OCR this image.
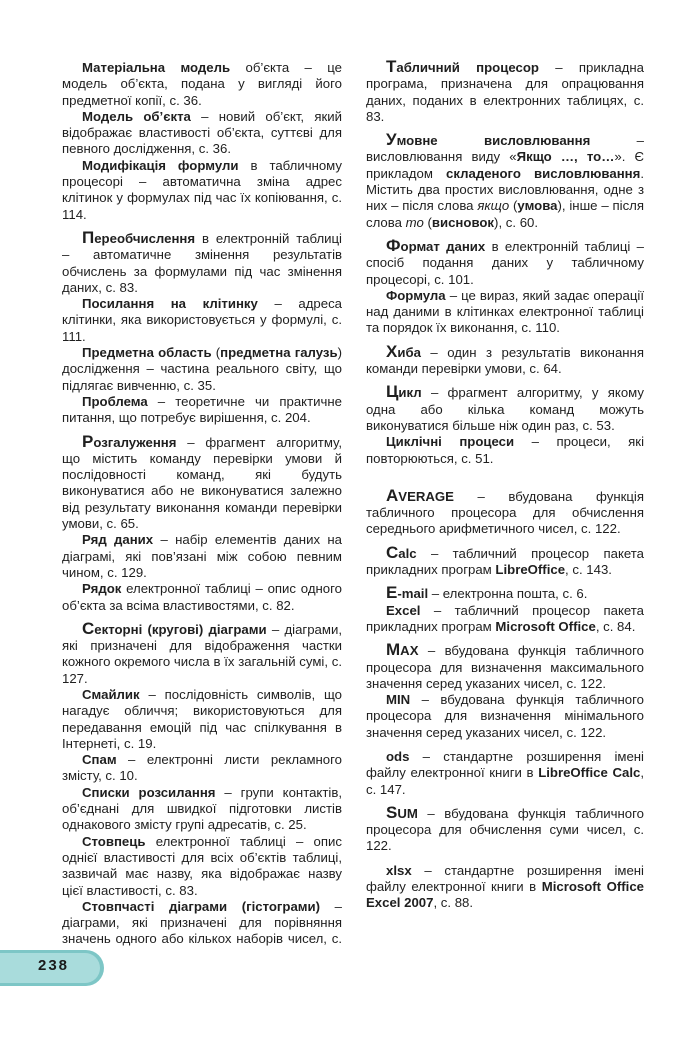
Матеріальна модель об’єкта – це модель об’єкта, подана у вигляді його предметної копії, с. 36.

Модель об’єкта – новий об’єкт, який відображає властивості об’єкта, суттєві для певного дослідження, с. 36.

Модифікація формули в табличному процесорі – автоматична зміна адрес клітинок у формулах під час їх копіювання, с. 114.

Переобчислення в електронній таблиці – автоматичне змінення результатів обчислень за формулами під час змінення даних, с. 83.

Посилання на клітинку – адреса клітинки, яка використовується у формулі, с. 111.

Предметна область (предметна галузь) дослідження – частина реального світу, що підлягає вивченню, с. 35.

Проблема – теоретичне чи практичне питання, що потребує вирішення, с. 204.

Розгалуження – фрагмент алгоритму, що містить команду перевірки умови й послідовності команд, які будуть виконуватися або не виконуватися залежно від результату виконання команди перевірки умови, с. 65.

Ряд даних – набір елементів даних на діаграмі, які пов’язані між собою певним чином, с. 129.

Рядок електронної таблиці – опис одного об’єкта за всіма властивостями, с. 82.

Секторні (кругові) діаграми – діаграми, які призначені для відображення частки кожного окремого числа в їх загальній сумі, с. 127.

Смайлик – послідовність символів, що нагадує обличчя; використовуються для передавання емоцій під час спілкування в Інтернеті, с. 19.

Спам – електронні листи рекламного змісту, с. 10.

Списки розсилання – групи контактів, об’єднані для швидкої підготовки листів однакового змісту групі адресатів, с. 25.

Стовпець електронної таблиці – опис однієї властивості для всіх об’єктів таблиці, зазвичай має назву, яка відображає назву цієї властивості, с. 83.

Стовпчасті діаграми (гістограми) – діаграми, які призначені для порівняння значень одного або кількох наборів чисел, с.

Табличний процесор – прикладна програма, призначена для опрацювання даних, поданих в електронних таблицях, с. 83.

Умовне висловлювання – висловлювання виду «Якщо …, то…». Є прикладом складеного висловлювання. Містить два простих висловлювання, одне з них – після слова якщо (умова), інше – після слова то (висновок), с. 60.

Формат даних в електронній таблиці – спосіб подання даних у табличному процесорі, с. 101.

Формула – це вираз, який задає операції над даними в клітинках електронної таблиці та порядок їх виконання, с. 110.

Хиба – один з результатів виконання команди перевірки умови, с. 64.

Цикл – фрагмент алгоритму, у якому одна або кілька команд можуть виконуватися більше ніж один раз, с. 53.

Циклічні процеси – процеси, які повторюються, с. 51.

AVERAGE – вбудована функція табличного процесора для обчислення середнього арифметичного чисел, с. 122.

Calc – табличний процесор пакета прикладних програм LibreOffice, с. 143.

E-mail – електронна пошта, с. 6.

Excel – табличний процесор пакета прикладних програм Microsoft Office, с. 84.

MAX – вбудована функція табличного процесора для визначення максимального значення серед указаних чисел, с. 122.

MIN – вбудована функція табличного процесора для визначення мінімального значення серед указаних чисел, с. 122.

ods – стандартне розширення імені файлу електронної книги в LibreOffice Calc, с. 147.

SUM – вбудована функція табличного процесора для обчислення суми чисел, с. 122.

xlsx – стандартне розширення імені файлу електронної книги в Microsoft Office Excel 2007, с. 88.

238
